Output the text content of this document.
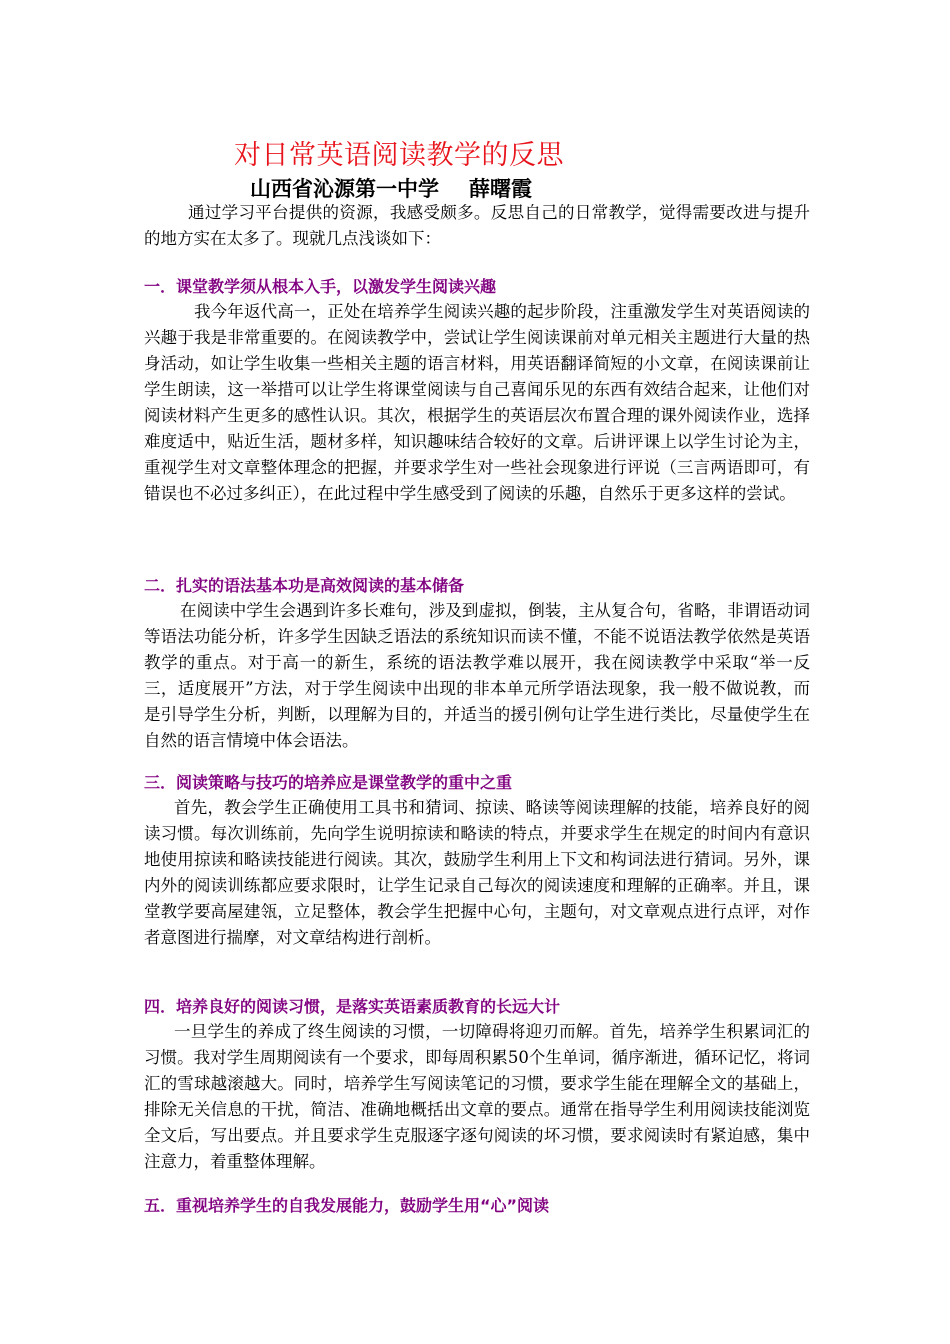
对日常英语阅读教学的反思
山西省沁源第一中学 薛曙霞

通过学习平台提供的资源，我感受颇多。反思自己的日常教学，觉得需要改进与提升的地方实在太多了。现就几点浅谈如下：

一．课堂教学须从根本入手，以激发学生阅读兴趣

我今年返代高一，正处在培养学生阅读兴趣的起步阶段，注重激发学生对英语阅读的兴趣于我是非常重要的。在阅读教学中，尝试让学生阅读课前对单元相关主题进行大量的热身活动，如让学生收集一些相关主题的语言材料，用英语翻译简短的小文章，在阅读课前让学生朗读，这一举措可以让学生将课堂阅读与自己喜闻乐见的东西有效结合起来，让他们对阅读材料产生更多的感性认识。其次，根据学生的英语层次布置合理的课外阅读作业，选择难度适中，贴近生活，题材多样，知识趣味结合较好的文章。后讲评课上以学生讨论为主，重视学生对文章整体理念的把握，并要求学生对一些社会现象进行评说（三言两语即可，有错误也不必过多纠正），在此过程中学生感受到了阅读的乐趣，自然乐于更多这样的尝试。

二．扎实的语法基本功是高效阅读的基本储备

在阅读中学生会遇到许多长难句，涉及到虚拟，倒装，主从复合句，省略，非谓语动词等语法功能分析，许多学生因缺乏语法的系统知识而读不懂，不能不说语法教学依然是英语教学的重点。对于高一的新生，系统的语法教学难以展开，我在阅读教学中采取“举一反三，适度展开”方法，对于学生阅读中出现的非本单元所学语法现象，我一般不做说教，而是引导学生分析，判断，以理解为目的，并适当的援引例句让学生进行类比，尽量使学生在自然的语言情境中体会语法。

三．阅读策略与技巧的培养应是课堂教学的重中之重

首先，教会学生正确使用工具书和猜词、掠读、略读等阅读理解的技能，培养良好的阅读习惯。每次训练前，先向学生说明掠读和略读的特点，并要求学生在规定的时间内有意识地使用掠读和略读技能进行阅读。其次，鼓励学生利用上下文和构词法进行猜词。另外，课内外的阅读训练都应要求限时，让学生记录自己每次的阅读速度和理解的正确率。并且，课堂教学要高屋建瓴，立足整体，教会学生把握中心句，主题句，对文章观点进行点评，对作者意图进行揣摩，对文章结构进行剖析。

四．培养良好的阅读习惯，是落实英语素质教育的长远大计

一旦学生的养成了终生阅读的习惯，一切障碍将迎刃而解。首先，培养学生积累词汇的习惯。我对学生周期阅读有一个要求，即每周积累50个生单词，循序渐进，循环记忆，将词汇的雪球越滚越大。同时，培养学生写阅读笔记的习惯，要求学生能在理解全文的基础上，排除无关信息的干扰，简洁、准确地概括出文章的要点。通常在指导学生利用阅读技能浏览全文后，写出要点。并且要求学生克服逐字逐句阅读的坏习惯，要求阅读时有紧迫感，集中注意力，着重整体理解。

五．重视培养学生的自我发展能力，鼓励学生用“心”阅读
